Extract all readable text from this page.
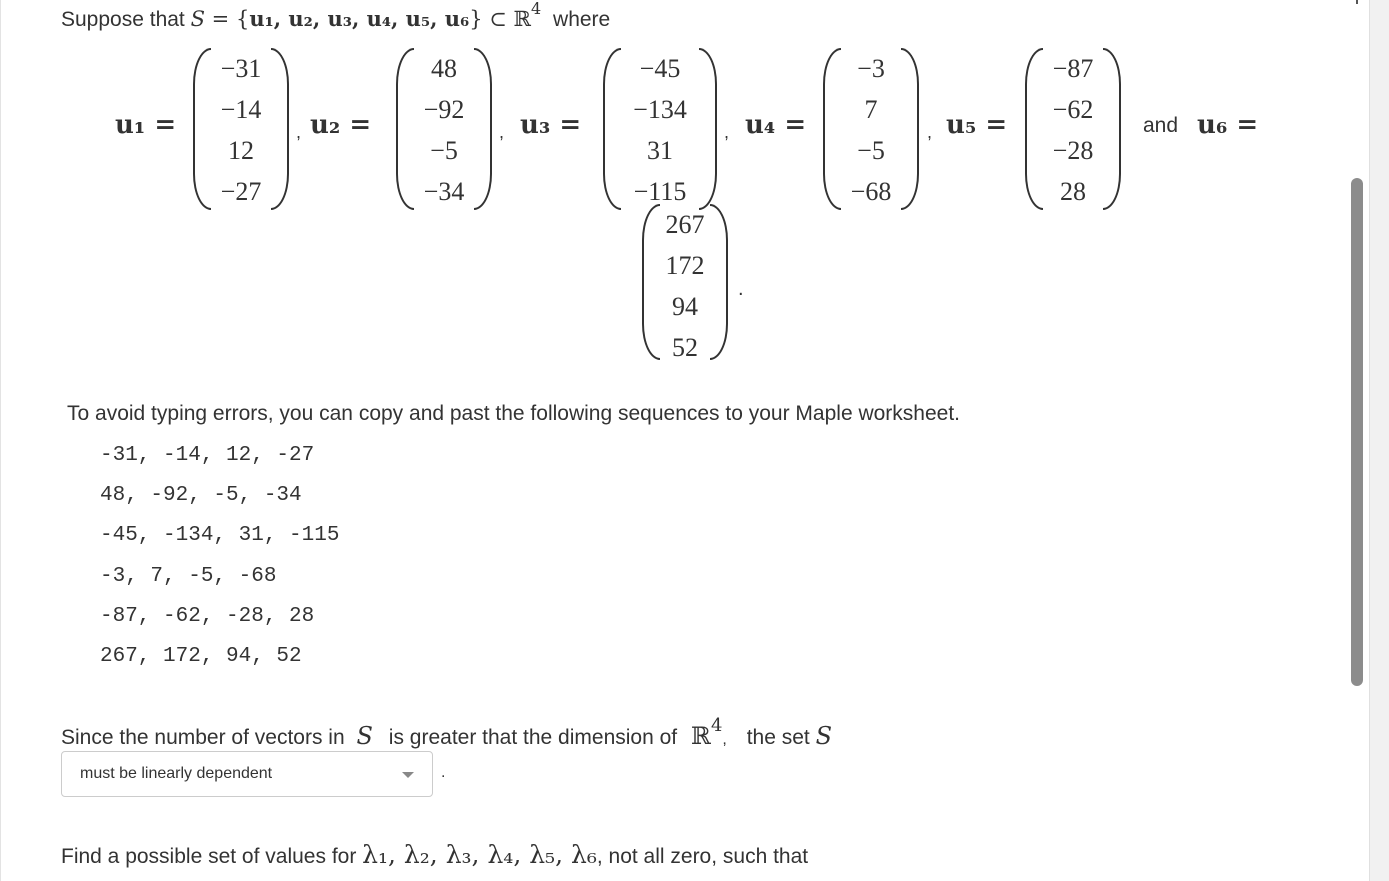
Suppose that S = {u₁, u₂, u₃, u₄, u₅, u₆} ⊂ ℝ$^4$ where
u₁ =
−31
−14
12
−27
, u₂ =
48
−92
−5
−34
, u₃ =
−45
−134
31
−115
, u₄ =
−3
7
−5
−68
, u₅ =
−87
−62
−28
28
and u₆ =
267
172
94
52
.
To avoid typing errors, you can copy and past the following sequences to your Maple worksheet.
-31, -14, 12, -27
48, -92, -5, -34
-45, -134, 31, -115
-3, 7, -5, -68
-87, -62, -28, 28
267, 172, 94, 52
Since the number of vectors in S is greater that the dimension of ℝ4, the set S
must be linearly dependent	.
Find a possible set of values for λ₁, λ₂, λ₃, λ₄, λ₅, λ₆, not all zero, such that
